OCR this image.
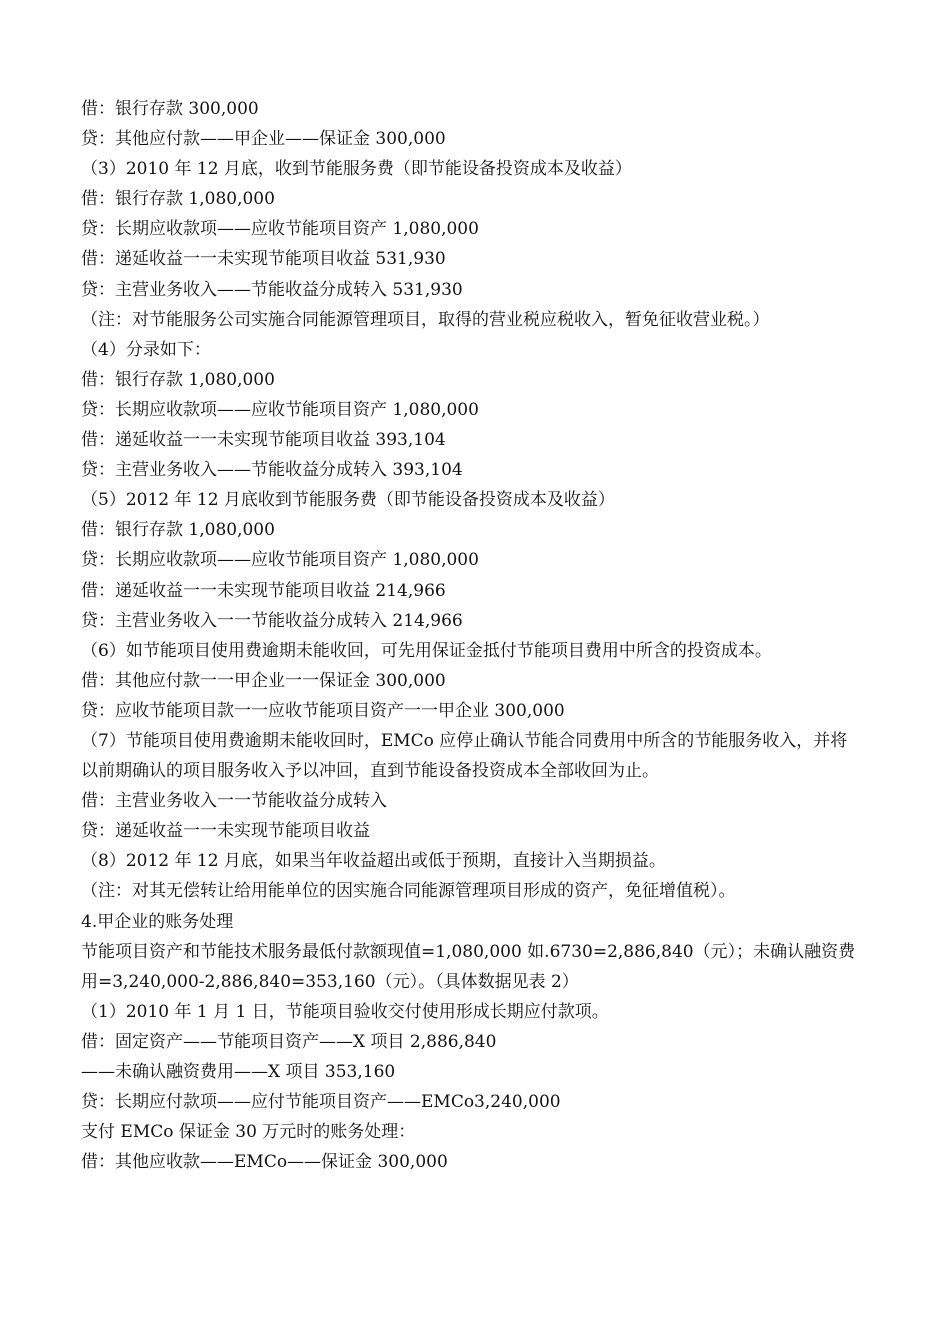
借：银行存款 300,000
贷：其他应付款——甲企业——保证金 300,000
（3）2010 年 12 月底，收到节能服务费（即节能设备投资成本及收益）
借：银行存款 1,080,000
贷：长期应收款项——应收节能项目资产 1,080,000
借：递延收益一一未实现节能项目收益 531,930
贷：主营业务收入——节能收益分成转入 531,930
（注：对节能服务公司实施合同能源管理项目，取得的营业税应税收入，暂免征收营业税。）
（4）分录如下：
借：银行存款 1,080,000
贷：长期应收款项——应收节能项目资产 1,080,000
借：递延收益一一未实现节能项目收益 393,104
贷：主营业务收入——节能收益分成转入 393,104
（5）2012 年 12 月底收到节能服务费（即节能设备投资成本及收益）
借：银行存款 1,080,000
贷：长期应收款项——应收节能项目资产 1,080,000
借：递延收益一一未实现节能项目收益 214,966
贷：主营业务收入一一节能收益分成转入 214,966
（6）如节能项目使用费逾期未能收回，可先用保证金抵付节能项目费用中所含的投资成本。
借：其他应付款一一甲企业一一保证金 300,000
贷：应收节能项目款一一应收节能项目资产一一甲企业 300,000
（7）节能项目使用费逾期未能收回时，EMCo 应停止确认节能合同费用中所含的节能服务收入，并将
以前期确认的项目服务收入予以冲回，直到节能设备投资成本全部收回为止。
借：主营业务收入一一节能收益分成转入
贷：递延收益一一未实现节能项目收益
（8）2012 年 12 月底，如果当年收益超出或低于预期，直接计入当期损益。
（注：对其无偿转让给用能单位的因实施合同能源管理项目形成的资产，免征增值税）。
4.甲企业的账务处理
节能项目资产和节能技术服务最低付款额现值=1,080,000 如.6730=2,886,840（元）；未确认融资费
用=3,240,000-2,886,840=353,160（元）。（具体数据见表 2）
（1）2010 年 1 月 1 日，节能项目验收交付使用形成长期应付款项。
借：固定资产——节能项目资产——X 项目 2,886,840
——未确认融资费用——X 项目 353,160
贷：长期应付款项——应付节能项目资产——EMCo3,240,000
支付 EMCo 保证金 30 万元时的账务处理：
借：其他应收款——EMCo——保证金 300,000
